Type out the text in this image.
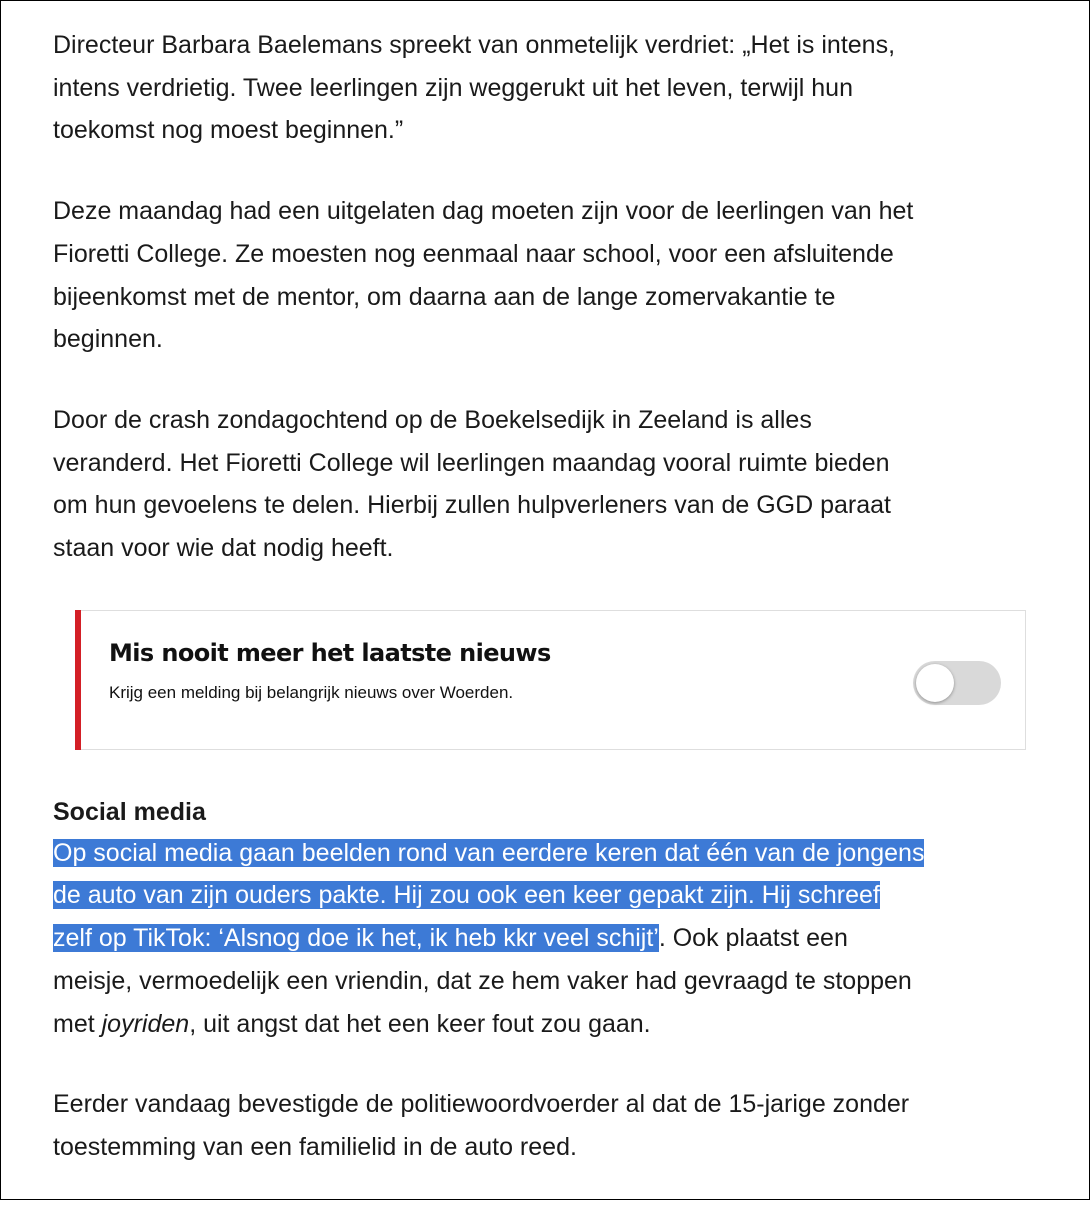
Directeur Barbara Baelemans spreekt van onmetelijk verdriet: „Het is intens,
intens verdrietig. Twee leerlingen zijn weggerukt uit het leven, terwijl hun
toekomst nog moest beginnen.”

Deze maandag had een uitgelaten dag moeten zijn voor de leerlingen van het
Fioretti College. Ze moesten nog eenmaal naar school, voor een afsluitende
bijeenkomst met de mentor, om daarna aan de lange zomervakantie te
beginnen.

Door de crash zondagochtend op de Boekelsedijk in Zeeland is alles
veranderd. Het Fioretti College wil leerlingen maandag vooral ruimte bieden
om hun gevoelens te delen. Hierbij zullen hulpverleners van de GGD paraat
staan voor wie dat nodig heeft.

Mis nooit meer het laatste nieuws
Krijg een melding bij belangrijk nieuws over Woerden.
Social media

Op social media gaan beelden rond van eerdere keren dat één van de jongens
de auto van zijn ouders pakte. Hij zou ook een keer gepakt zijn. Hij schreef
zelf op TikTok: ‘Alsnog doe ik het, ik heb kkr veel schijt’. Ook plaatst een
meisje, vermoedelijk een vriendin, dat ze hem vaker had gevraagd te stoppen
met joyriden, uit angst dat het een keer fout zou gaan.

Eerder vandaag bevestigde de politiewoordvoerder al dat de 15-jarige zonder
toestemming van een familielid in de auto reed.
